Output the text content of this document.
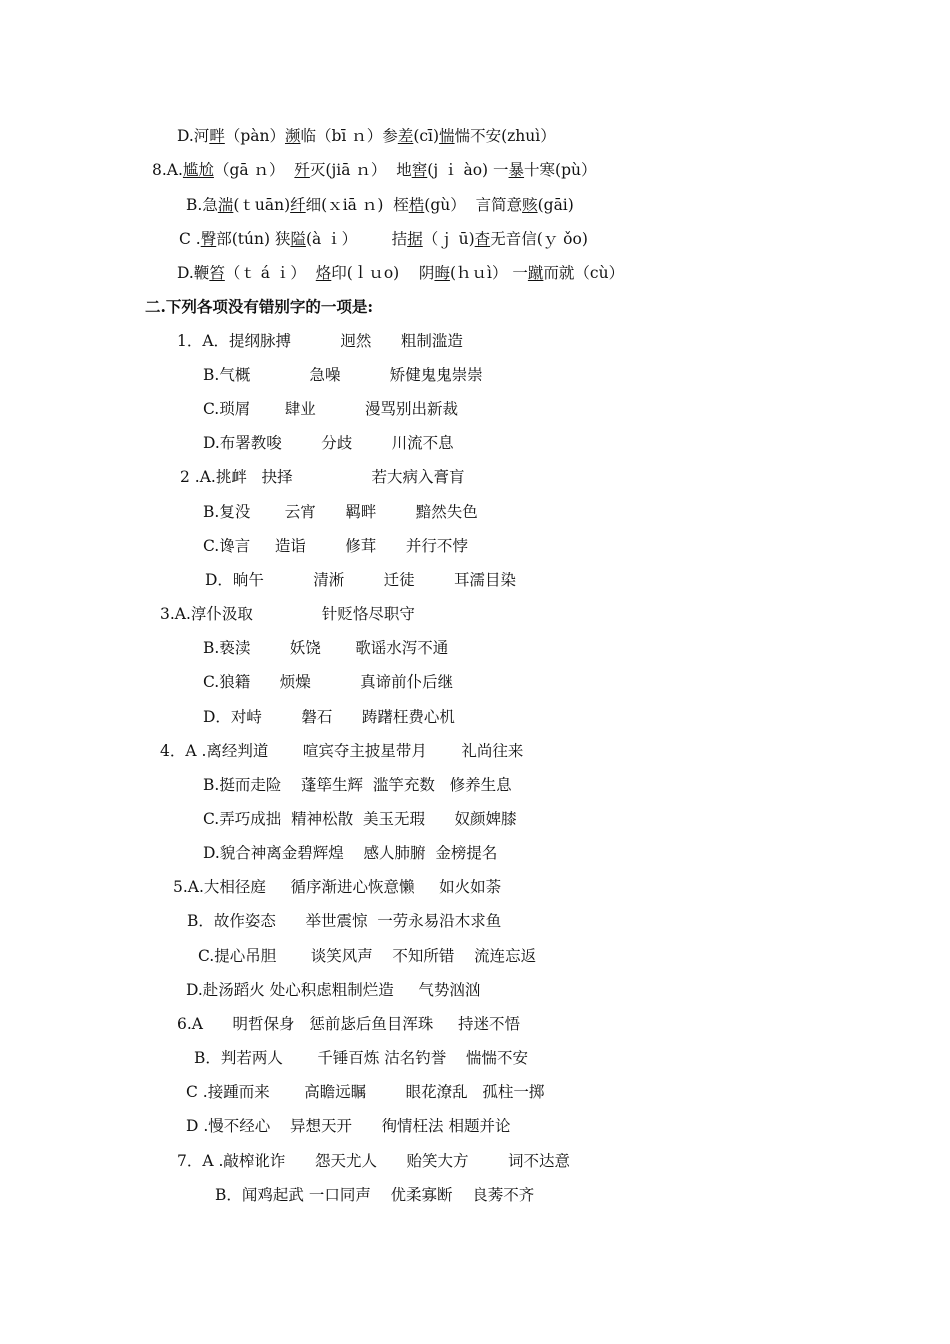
D.河畔（pàn）濒临（bī ｎ）参差(cī)惴惴不安(zhuì）
8.A.尴尬（gā ｎ）  歼灭(jiā ｎ）  地窖(j ｉ ào) 一暴十寒(pù）
B.急湍(ｔuān)纤细(ｘiā ｎ)  桎梏(gù）  言简意赅(gāi)
C .臀部(tún) 狭隘(à ｉ）       拮据（ｊ ū)杳无音信(ｙ ǒo)
D.鞭笞（ｔ á ｉ）  烙印(ｌｕo)    阴晦(ｈｕì） 一蹴而就（cù）
二.下列各项没有错别字的一项是:
1．A．提纲脉搏          迥然      粗制滥造
B.气概            急噪          矫健鬼鬼崇崇
C.琐屑       肆业          漫骂别出新裁
D.布署教唆        分歧        川流不息
2 .A.挑衅   抉择                若大病入膏肓
B.复没       云宵      羁畔        黯然失色
C.谗言     造诣        修茸      并行不悖
D．晌午          清淅        迁徒        耳濡目染
3.A.淳仆汲取              针贬恪尽职守
B.亵渎        妖饶       歌谣水泻不通
C.狼籍      烦燥          真谛前仆后继
D．对峙        磐石      踌躇枉费心机
4．A .离经判道       喧宾夺主披星带月       礼尚往来
B.挺而走险    蓬筚生辉  滥竽充数   修养生息
C.弄巧成拙  精神松散  美玉无瑕      奴颜婢膝
D.貌合神离金碧辉煌    感人肺腑  金榜提名
5.A.大相径庭     循序渐进心恢意懒     如火如荼
B．故作姿态      举世震惊  一劳永易沿木求鱼
C.提心吊胆       谈笑风声    不知所错    流连忘返
D.赴汤蹈火 处心积虑粗制烂造     气势汹汹
6.A      明哲保身   惩前毖后鱼目浑珠     持迷不悟
B．判若两人       千锤百炼 沽名钓誉    惴惴不安
C .接踵而来       高瞻远瞩        眼花潦乱   孤柱一掷
D .慢不经心    异想天开      徇情枉法 相题并论
7．A .敲榨讹诈      怨天尤人      贻笑大方        词不达意
B．闻鸡起武 一口同声    优柔寡断    良莠不齐
